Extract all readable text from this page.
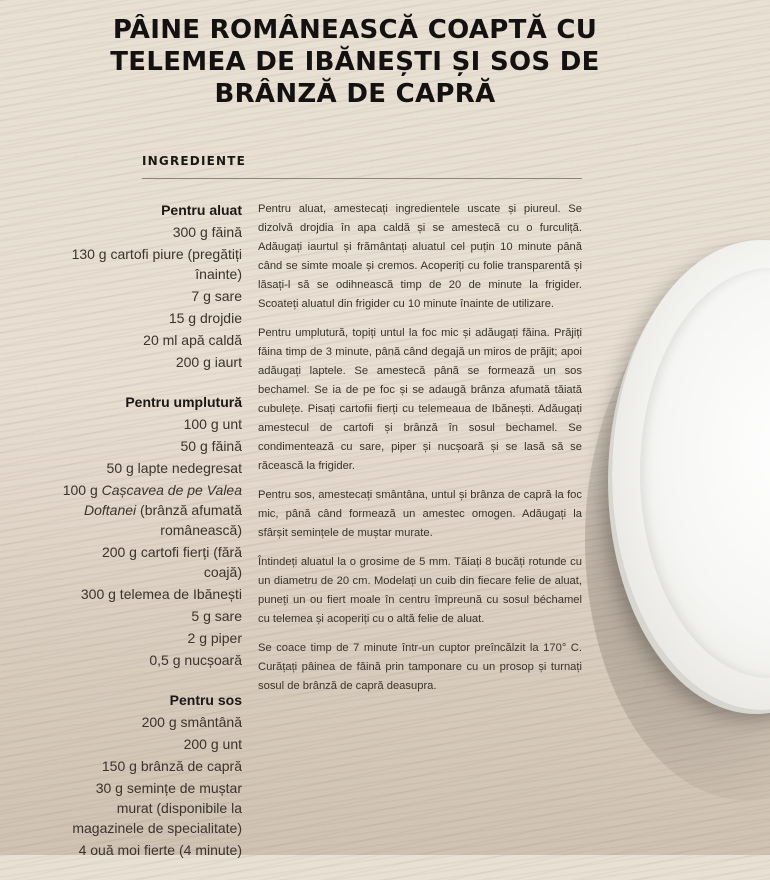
PÂINE ROMÂNEASCĂ COAPTĂ CU TELEMEA DE IBĂNEȘTI ȘI SOS DE BRÂNZĂ DE CAPRĂ
INGREDIENTE
Pentru aluat
300 g făină
130 g cartofi piure (pregătiți înainte)
7 g sare
15 g drojdie
20 ml apă caldă
200 g iaurt
Pentru umplutură
100 g unt
50 g făină
50 g lapte nedegresat
100 g Cașcavea de pe Valea Doftanei (brânză afumată românească)
200 g cartofi fierți (fără coajă)
300 g telemea de Ibănești
5 g sare
2 g piper
0,5 g nucșoară
Pentru sos
200 g smântână
200 g unt
150 g brânză de capră
30 g semințe de muștar murat (disponibile la magazinele de specialitate)
4 ouă moi fierte (4 minute)

Pentru aluat, amestecați ingredientele uscate și piureul. Se dizolvă drojdia în apa caldă și se amestecă cu o furculiță. Adăugați iaurtul și frământați aluatul cel puțin 10 minute până când se simte moale și cremos. Acoperiți cu folie transparentă și lăsați-l să se odihnească timp de 20 de minute la frigider. Scoateți aluatul din frigider cu 10 minute înainte de utilizare.

Pentru umplutură, topiți untul la foc mic și adăugați făina. Prăjiți făina timp de 3 minute, până când degajă un miros de prăjit; apoi adăugați laptele. Se amestecă până se formează un sos bechamel. Se ia de pe foc și se adaugă brânza afumată tăiată cubulețe. Pisați cartofii fierți cu telemeaua de Ibănești. Adăugați amestecul de cartofi și brânză în sosul bechamel. Se condimentează cu sare, piper și nucșoară și se lasă să se răcească la frigider.

Pentru sos, amestecați smântâna, untul și brânza de capră la foc mic, până când formează un amestec omogen. Adăugați la sfârșit semințele de muștar murate.

Întindeți aluatul la o grosime de 5 mm. Tăiați 8 bucăți rotunde cu un diametru de 20 cm. Modelați un cuib din fiecare felie de aluat, puneți un ou fiert moale în centru împreună cu sosul béchamel cu telemea și acoperiți cu o altă felie de aluat.

Se coace timp de 7 minute într-un cuptor preîncălzit la 170° C. Curățați pâinea de făină prin tamponare cu un prosop și turnați sosul de brânză de capră deasupra.
